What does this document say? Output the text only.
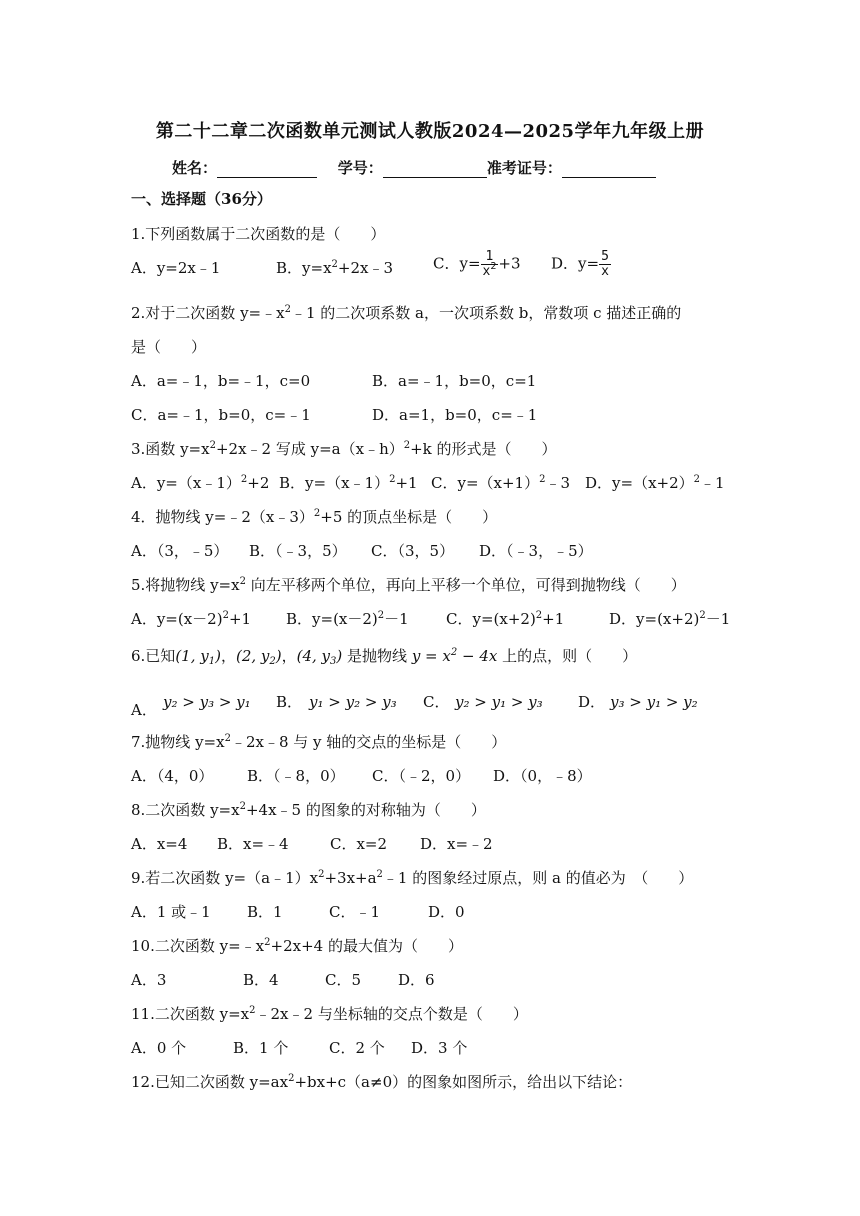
第二十二章二次函数单元测试人教版2024—2025学年九年级上册
姓名：	学号：	准考证号：
一、选择题（36分）
1.下列函数属于二次函数的是（　　）
A．y=2x﹣1	B．$y=x^2+2x﹣3$	C．$y= \frac{1}{x^2} +3$ D．$y= \frac{5}{x}$
2.对于二次函数 $y=﹣x^2﹣1$ 的二次项系数 a，一次项系数 b，常数项 c 描述正确的
是（　　）
A．a=﹣1，b=﹣1，c=0	B．a=﹣1，b=0，c=1
C．a=﹣1，b=0，c=﹣1	D．a=1，b=0，c=﹣1
3.函数 $y=x^2+2x﹣2$ 写成 y=a（x﹣h）$^2$+k 的形式是（　　）
A．y=（x﹣1）$^2$+2 B．y=（x﹣1）$^2$+1 C．$y=(x+1)^2﹣3$ D．$y=(x+2)^2﹣1$
4．抛物线 y=﹣2（x﹣3）$^2$+5 的顶点坐标是（　　）
A．（3，﹣5） B．（﹣3，5） C．（3，5） D．（﹣3，﹣5）
5.将抛物线 $y=x^2$ 向左平移两个单位，再向上平移一个单位，可得到抛物线（　　）
A．$y=(x-2)^2+1$ B．$y=(x-2)^2-1$ C．$y=(x+2)^2+1$	D．$y=(x+2)^2-1$
6.已知(1, $y_1$)，(2, $y_2$)，(4, $y_3$) 是抛物线 $y = x^2 - 4x$ 上的点，则（　　）
A． y₂ > y₃ > y₁ B． y₁ > y₂ > y₃ C． y₂ > y₁ > y₃ D． y₃ > y₁ > y₂
7.抛物线 $y=x^2﹣2x﹣8$ 与 y 轴的交点的坐标是（　　）
A．（4，0） B．（﹣8，0） C．（﹣2，0） D．（0，﹣8）
8.二次函数 $y=x^2+4x﹣5$ 的图象的对称轴为（　　）
A．x=4 B．x=﹣4	C．x=2 D．x=﹣2
9.若二次函数 $y=(a﹣1)x^2+3x+a^2﹣1$ 的图象经过原点，则 a 的值必为　（　　）
A．1 或﹣1 B．1	C．﹣1	D．0
10.二次函数 $y=﹣x^2+2x+4$ 的最大值为（　　）
A．3	B．4	C．5 D．6
11.二次函数 $y=x^2﹣2x﹣2$ 与坐标轴的交点个数是（　　）
A．0 个	B．1 个	C．2 个 D．3 个
12.已知二次函数 $y=ax^2+bx+c(a\ne 0)$的图象如图所示，给出以下结论：
